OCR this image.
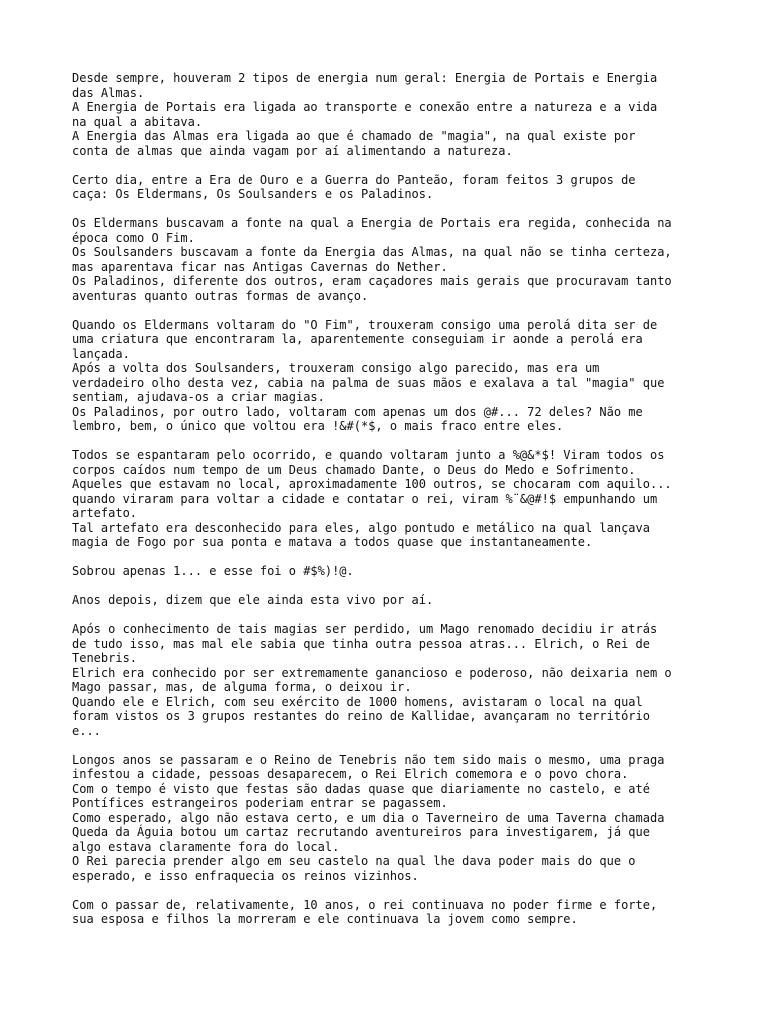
Desde sempre, houveram 2 tipos de energia num geral: Energia de Portais e Energia
das Almas.
A Energia de Portais era ligada ao transporte e conexão entre a natureza e a vida
na qual a abitava.
A Energia das Almas era ligada ao que é chamado de "magia", na qual existe por
conta de almas que ainda vagam por aí alimentando a natureza.
Certo dia, entre a Era de Ouro e a Guerra do Panteão, foram feitos 3 grupos de
caça: Os Eldermans, Os Soulsanders e os Paladinos.
Os Eldermans buscavam a fonte na qual a Energia de Portais era regida, conhecida na
época como O Fim.
Os Soulsanders buscavam a fonte da Energia das Almas, na qual não se tinha certeza,
mas aparentava ficar nas Antigas Cavernas do Nether.
Os Paladinos, diferente dos outros, eram caçadores mais gerais que procuravam tanto
aventuras quanto outras formas de avanço.
Quando os Eldermans voltaram do "O Fim", trouxeram consigo uma perolá dita ser de
uma criatura que encontraram la, aparentemente conseguiam ir aonde a perolá era
lançada.
Após a volta dos Soulsanders, trouxeram consigo algo parecido, mas era um
verdadeiro olho desta vez, cabia na palma de suas mãos e exalava a tal "magia" que
sentiam, ajudava-os a criar magias.
Os Paladinos, por outro lado, voltaram com apenas um dos @#... 72 deles? Não me
lembro, bem, o único que voltou era !&#(*$, o mais fraco entre eles.
Todos se espantaram pelo ocorrido, e quando voltaram junto a %@&*$! Viram todos os
corpos caídos num tempo de um Deus chamado Dante, o Deus do Medo e Sofrimento.
Aqueles que estavam no local, aproximadamente 100 outros, se chocaram com aquilo...
quando viraram para voltar a cidade e contatar o rei, viram %¨&@#!$ empunhando um
artefato.
Tal artefato era desconhecido para eles, algo pontudo e metálico na qual lançava
magia de Fogo por sua ponta e matava a todos quase que instantaneamente.
Sobrou apenas 1... e esse foi o #$%)!@.
Anos depois, dizem que ele ainda esta vivo por aí.
Após o conhecimento de tais magias ser perdido, um Mago renomado decidiu ir atrás
de tudo isso, mas mal ele sabia que tinha outra pessoa atras... Elrich, o Rei de
Tenebris.
Elrich era conhecido por ser extremamente ganancioso e poderoso, não deixaria nem o
Mago passar, mas, de alguma forma, o deixou ir.
Quando ele e Elrich, com seu exército de 1000 homens, avistaram o local na qual
foram vistos os 3 grupos restantes do reino de Kallidae, avançaram no território
e...
Longos anos se passaram e o Reino de Tenebris não tem sido mais o mesmo, uma praga
infestou a cidade, pessoas desaparecem, o Rei Elrich comemora e o povo chora.
Com o tempo é visto que festas são dadas quase que diariamente no castelo, e até
Pontífices estrangeiros poderiam entrar se pagassem.
Como esperado, algo não estava certo, e um dia o Taverneiro de uma Taverna chamada
Queda da Águia botou um cartaz recrutando aventureiros para investigarem, já que
algo estava claramente fora do local.
O Rei parecia prender algo em seu castelo na qual lhe dava poder mais do que o
esperado, e isso enfraquecia os reinos vizinhos.
Com o passar de, relativamente, 10 anos, o rei continuava no poder firme e forte,
sua esposa e filhos la morreram e ele continuava la jovem como sempre.
